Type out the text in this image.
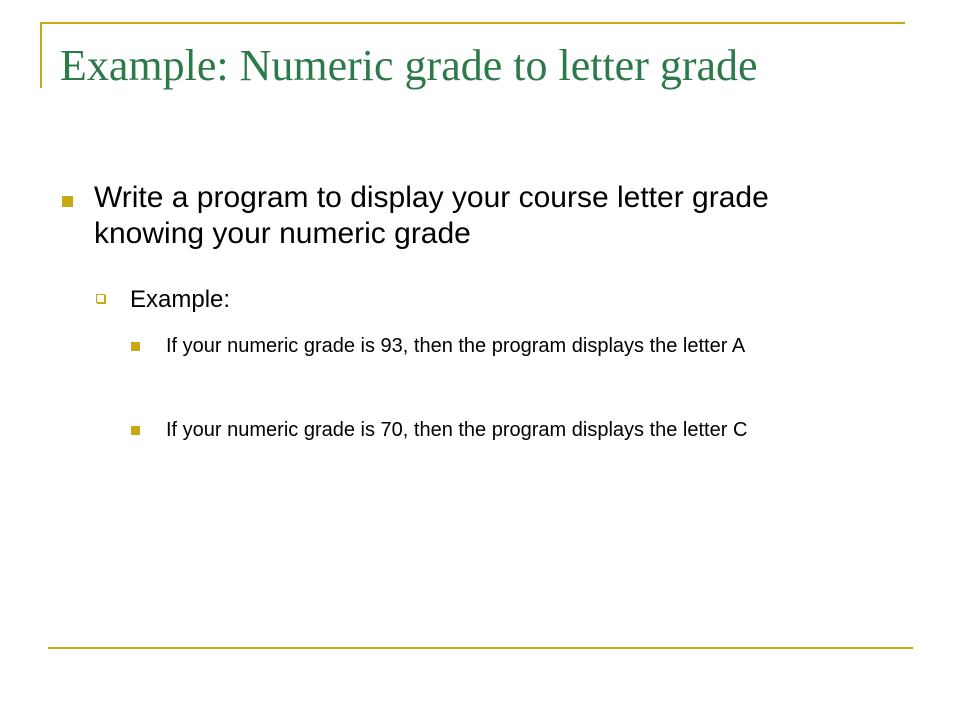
Example: Numeric grade to letter grade

Write a program to display your course letter grade knowing your numeric grade

Example:

If your numeric grade is 93, then the program displays the letter A

If your numeric grade is 70, then the program displays the letter C
